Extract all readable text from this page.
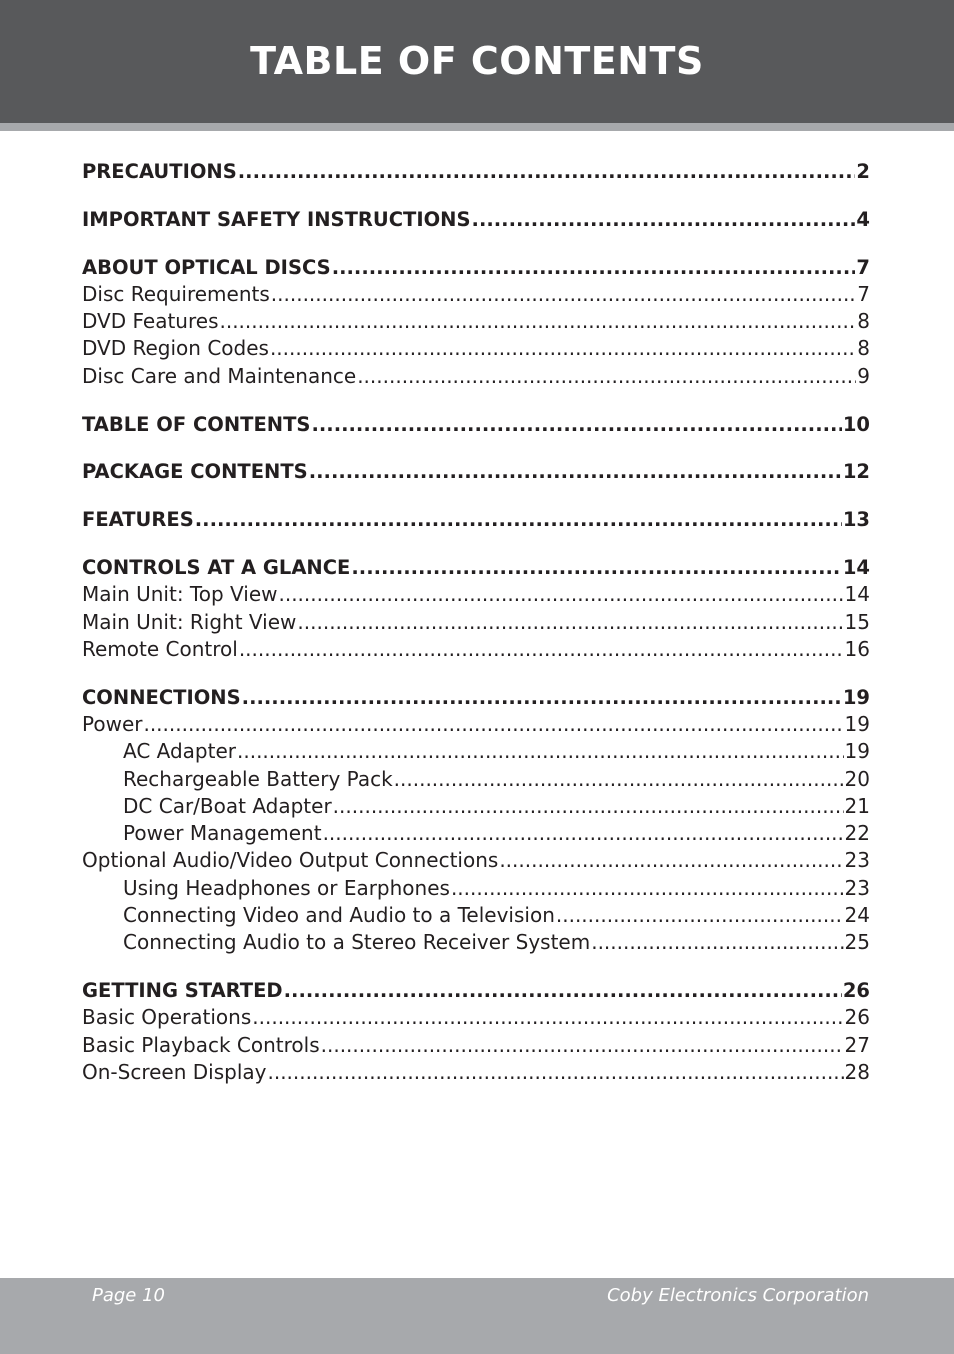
TABLE OF CONTENTS
PRECAUTIONS .....	2
IMPORTANT SAFETY INSTRUCTIONS .....	4
ABOUT OPTICAL DISCS .....	7
Disc Requirements .....	7
DVD Features .....	8
DVD Region Codes .....	8
Disc Care and Maintenance .....	9
TABLE OF CONTENTS .....	10
PACKAGE CONTENTS .....	12
FEATURES .....	13
CONTROLS AT A GLANCE .....	14
Main Unit: Top View .....	14
Main Unit: Right View .....	15
Remote Control .....	16
CONNECTIONS .....	19
Power .....	19
AC Adapter .....	19
Rechargeable Battery Pack .....	20
DC Car/Boat Adapter .....	21
Power Management .....	22
Optional Audio/Video Output Connections .....	23
Using Headphones or Earphones .....	23
Connecting Video and Audio to a Television .....	24
Connecting Audio to a Stereo Receiver System .....	25
GETTING STARTED .....	26
Basic Operations .....	26
Basic Playback Controls .....	27
On-Screen Display .....	28
Page 10	Coby Electronics Corporation
